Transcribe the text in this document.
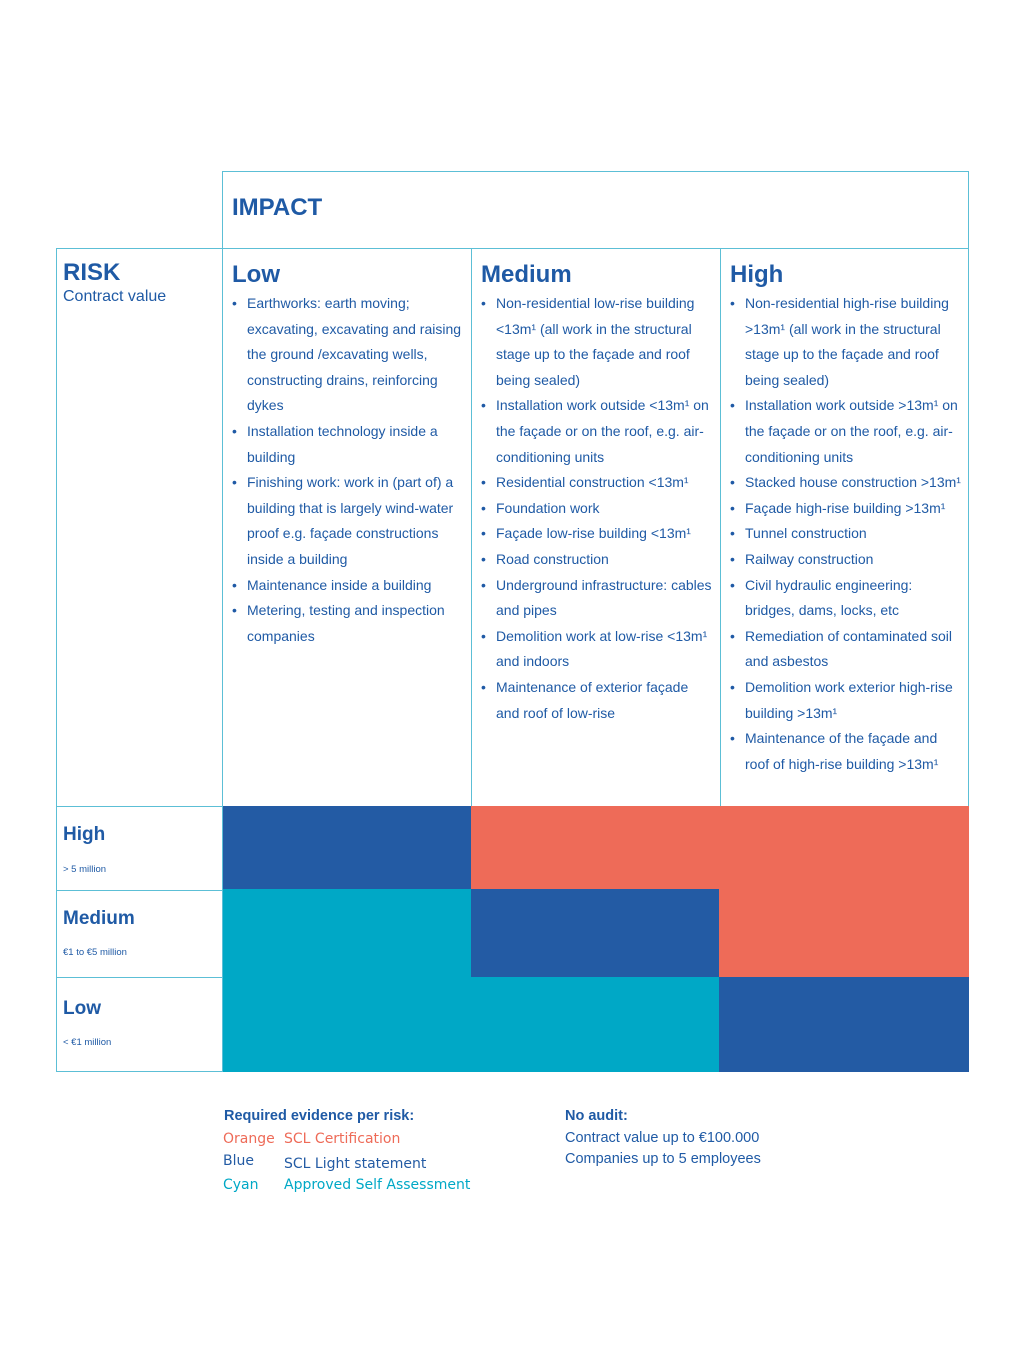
IMPACT
RISK
Contract value
Low
• Earthworks: earth moving; excavating, excavating and raising the ground /excavating wells, constructing drains, reinforcing dykes
• Installation technology inside a building
• Finishing work: work in (part of) a building that is largely wind-water proof e.g. façade constructions inside a building
• Maintenance inside a building
• Metering, testing and inspection companies
Medium
• Non-residential low-rise building <13m¹ (all work in the structural stage up to the façade and roof being sealed)
• Installation work outside <13m¹ on the façade or on the roof, e.g. air-conditioning units
• Residential construction <13m¹
• Foundation work
• Façade low-rise building <13m¹
• Road construction
• Underground infrastructure: cables and pipes
• Demolition work at low-rise <13m¹ and indoors
• Maintenance of exterior façade and roof of low-rise
High
• Non-residential high-rise building >13m¹ (all work in the structural stage up to the façade and roof being sealed)
• Installation work outside >13m¹ on the façade or on the roof, e.g. air-conditioning units
• Stacked house construction >13m¹
• Façade high-rise building >13m¹
• Tunnel construction
• Railway construction
• Civil hydraulic engineering: bridges, dams, locks, etc
• Remediation of contaminated soil and asbestos
• Demolition work exterior high-rise building >13m¹
• Maintenance of the façade and roof of high-rise building >13m¹
High
> 5 million
Medium
€1 to €5 million
Low
< €1 million
Required evidence per risk:
Orange SCL Certification
Blue SCL Light statement
Cyan Approved Self Assessment
No audit:
Contract value up to €100.000
Companies up to 5 employees
